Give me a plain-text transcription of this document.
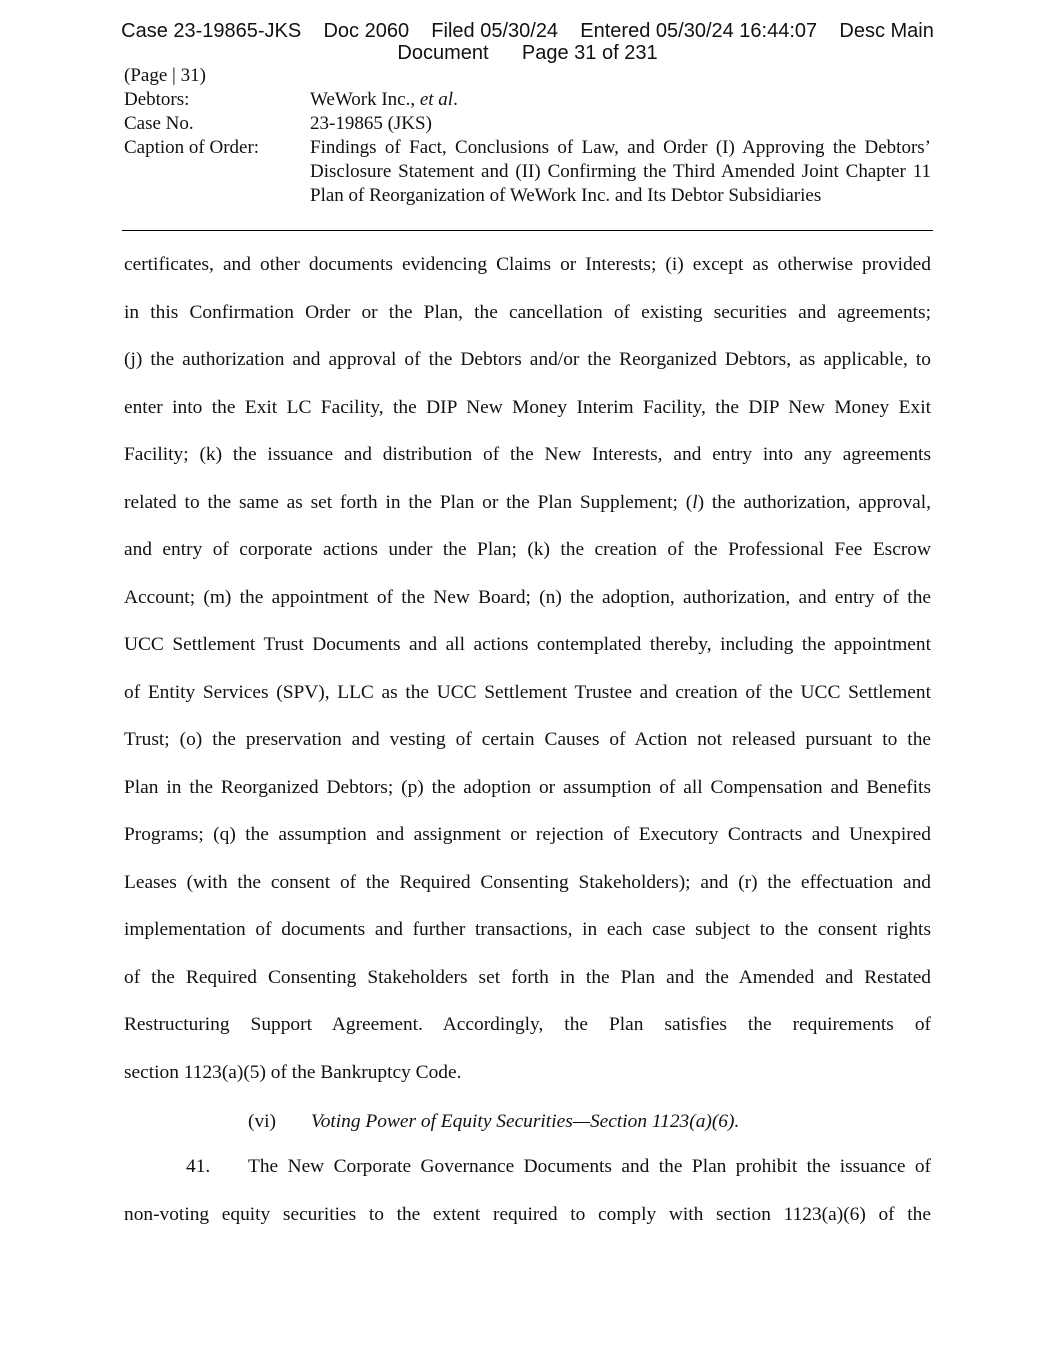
Case 23-19865-JKS    Doc 2060    Filed 05/30/24    Entered 05/30/24 16:44:07    Desc Main
Document      Page 31 of 231
(Page | 31)
Debtors:	WeWork Inc., et al.
Case No.	23-19865 (JKS)
Caption of Order:	Findings of Fact, Conclusions of Law, and Order (I) Approving the Debtors’ Disclosure Statement and (II) Confirming the Third Amended Joint Chapter 11 Plan of Reorganization of WeWork Inc. and Its Debtor Subsidiaries
certificates, and other documents evidencing Claims or Interests; (i) except as otherwise provided
in this Confirmation Order or the Plan, the cancellation of existing securities and agreements;
(j) the authorization and approval of the Debtors and/or the Reorganized Debtors, as applicable, to
enter into the Exit LC Facility, the DIP New Money Interim Facility, the DIP New Money Exit
Facility; (k) the issuance and distribution of the New Interests, and entry into any agreements
related to the same as set forth in the Plan or the Plan Supplement; (l) the authorization, approval,
and entry of corporate actions under the Plan; (k) the creation of the Professional Fee Escrow
Account; (m) the appointment of the New Board; (n) the adoption, authorization, and entry of the
UCC Settlement Trust Documents and all actions contemplated thereby, including the appointment
of Entity Services (SPV), LLC as the UCC Settlement Trustee and creation of the UCC Settlement
Trust; (o) the preservation and vesting of certain Causes of Action not released pursuant to the
Plan in the Reorganized Debtors; (p) the adoption or assumption of all Compensation and Benefits
Programs; (q) the assumption and assignment or rejection of Executory Contracts and Unexpired
Leases (with the consent of the Required Consenting Stakeholders); and (r) the effectuation and
implementation of documents and further transactions, in each case subject to the consent rights
of the Required Consenting Stakeholders set forth in the Plan and the Amended and Restated
Restructuring Support Agreement. Accordingly, the Plan satisfies the requirements of
section 1123(a)(5) of the Bankruptcy Code.
(vi) Voting Power of Equity Securities—Section 1123(a)(6).
41. The New Corporate Governance Documents and the Plan prohibit the issuance of
non-voting equity securities to the extent required to comply with section 1123(a)(6) of the
